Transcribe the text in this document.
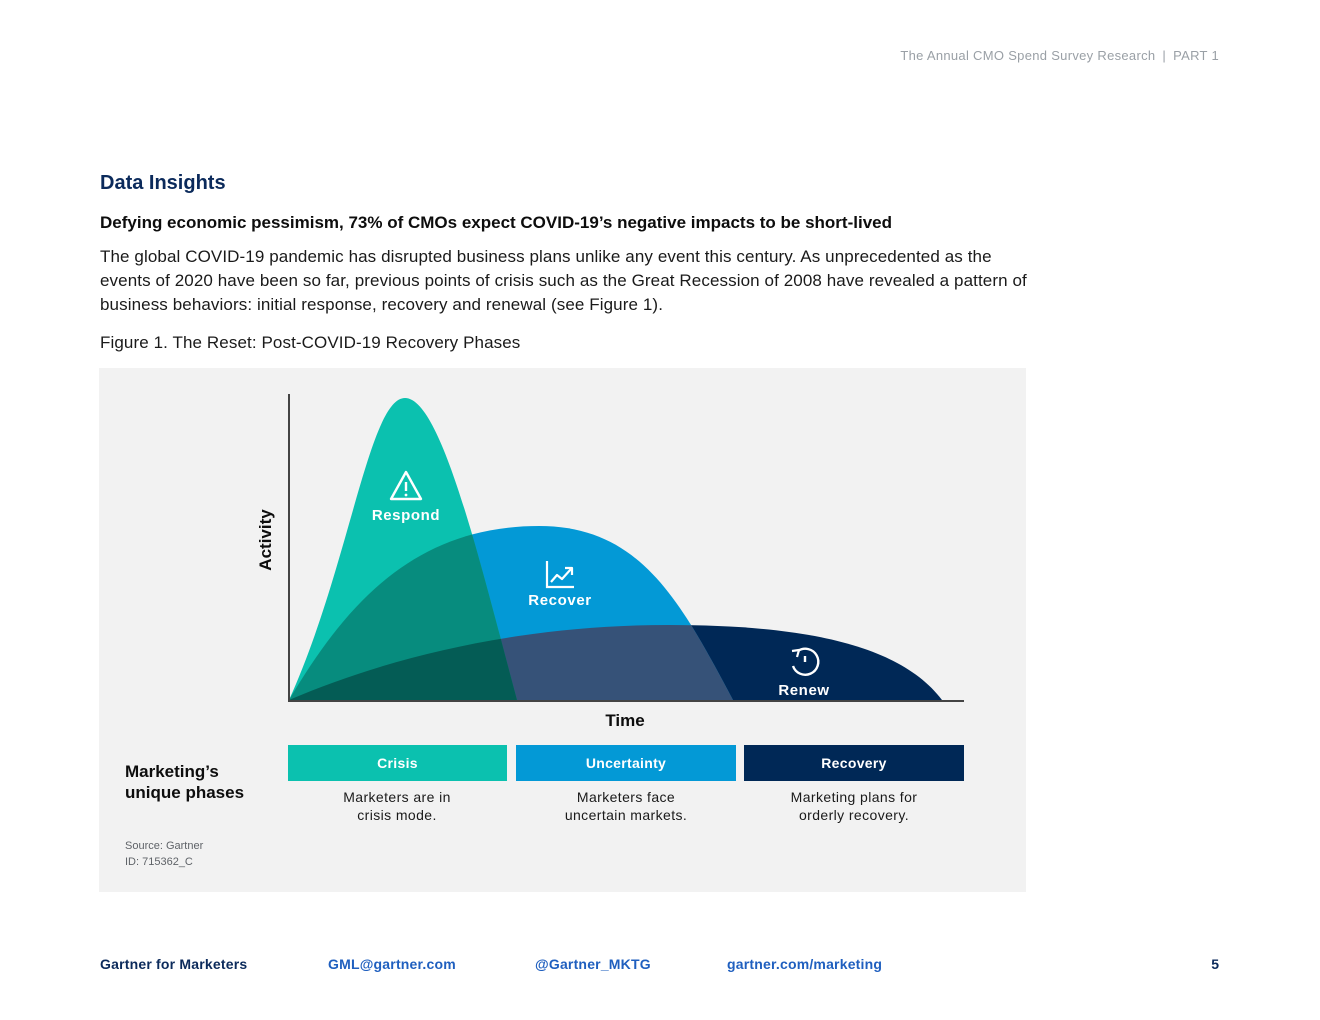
The Annual CMO Spend Survey Research | PART 1
Data Insights
Defying economic pessimism, 73% of CMOs expect COVID-19’s negative impacts to be short-lived

The global COVID-19 pandemic has disrupted business plans unlike any event this century. As unprecedented as the events of 2020 have been so far, previous points of crisis such as the Great Recession of 2008 have revealed a pattern of business behaviors: initial response, recovery and renewal (see Figure 1).

Figure 1. The Reset: Post-COVID-19 Recovery Phases

Activity
Time
Respond
Recover
Renew
Marketing’s unique phases
Crisis	Uncertainty	Recovery
Marketers are in crisis mode.
Marketers face uncertain markets.
Marketing plans for orderly recovery.
Source: Gartner
ID: 715362_C
Gartner for Marketers	GML@gartner.com	@Gartner_MKTG	gartner.com/marketing	5
